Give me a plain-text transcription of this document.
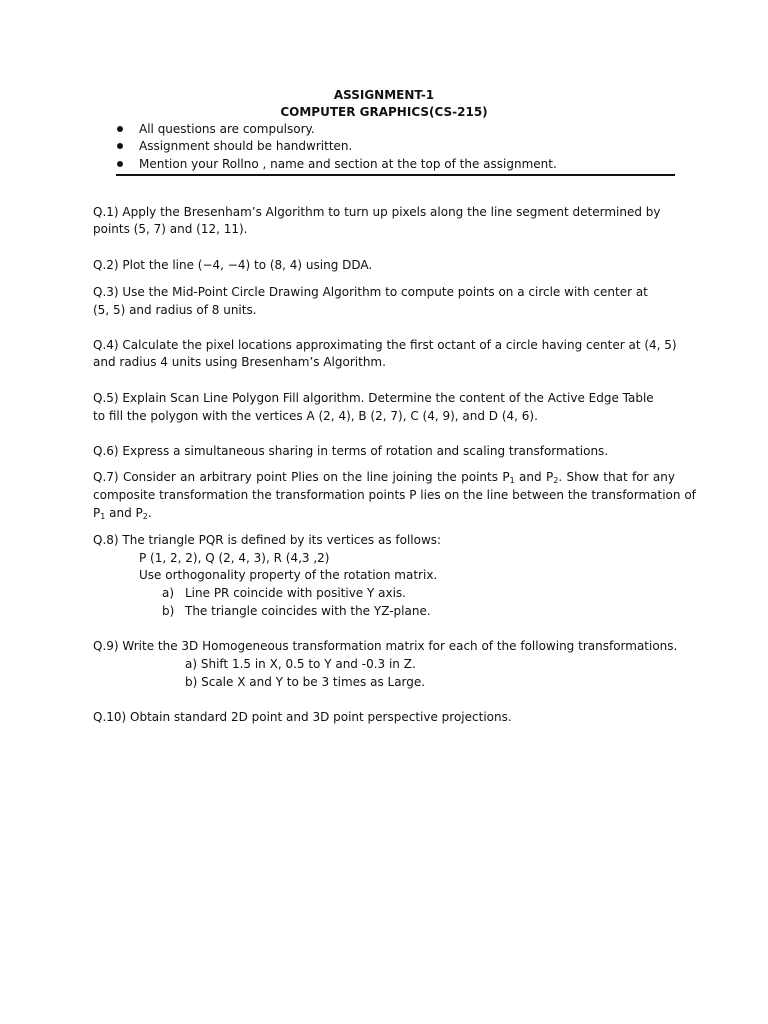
ASSIGNMENT-1
COMPUTER GRAPHICS(CS-215)
All questions are compulsory.
Assignment should be handwritten.
Mention your Rollno , name and section at the top of the assignment.
Q.1) Apply the Bresenham’s Algorithm to turn up pixels along the line segment determined by
points (5, 7) and (12, 11).
Q.2) Plot the line (−4, −4) to (8, 4) using DDA.
Q.3) Use the Mid-Point Circle Drawing Algorithm to compute points on a circle with center at
(5, 5) and radius of 8 units.
Q.4) Calculate the pixel locations approximating the first octant of a circle having center at (4, 5)
and radius 4 units using Bresenham’s Algorithm.
Q.5) Explain Scan Line Polygon Fill algorithm. Determine the content of the Active Edge Table
to fill the polygon with the vertices A (2, 4), B (2, 7), C (4, 9), and D (4, 6).
Q.6) Express a simultaneous sharing in terms of rotation and scaling transformations.
Q.7) Consider an arbitrary point Plies on the line joining the points $P_1$ and $P_2$. Show that for any
composite transformation the transformation points P lies on the line between the transformation of
$P_1$ and $P_2$.
Q.8) The triangle PQR is defined by its vertices as follows:
P (1, 2, 2), Q (2, 4, 3), R (4,3 ,2)
Use orthogonality property of the rotation matrix.
a) Line PR coincide with positive Y axis.
b) The triangle coincides with the YZ-plane.
Q.9) Write the 3D Homogeneous transformation matrix for each of the following transformations.
a) Shift 1.5 in X, 0.5 to Y and -0.3 in Z.
b) Scale X and Y to be 3 times as Large.
Q.10) Obtain standard 2D point and 3D point perspective projections.
